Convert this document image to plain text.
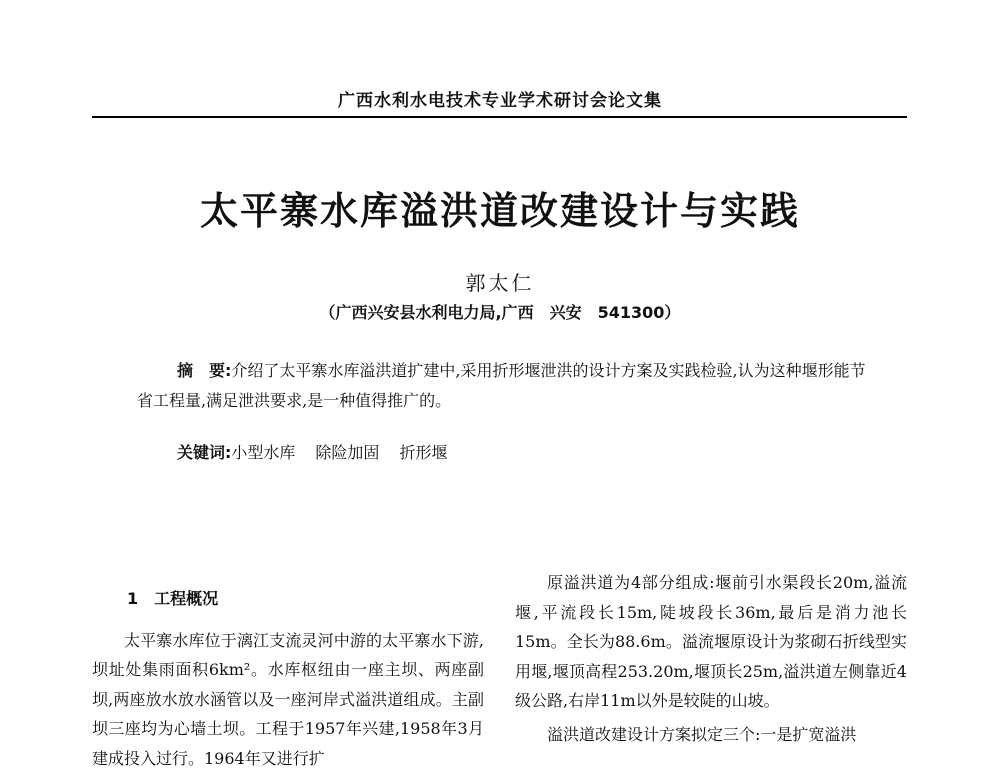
广西水利水电技术专业学术研讨会论文集
太平寨水库溢洪道改建设计与实践
郭太仁
（广西兴安县水利电力局,广西　兴安　541300）
摘　要:介绍了太平寨水库溢洪道扩建中,采用折形堰泄洪的设计方案及实践检验,认为这种堰形能节省工程量,满足泄洪要求,是一种值得推广的。
关键词:小型水库 除险加固 折形堰
1　工程概况

太平寨水库位于漓江支流灵河中游的太平寨水下游,坝址处集雨面积6km²。水库枢纽由一座主坝、两座副坝,两座放水放水涵管以及一座河岸式溢洪道组成。主副坝三座均为心墙土坝。工程于1957年兴建,1958年3月建成投入过行。1964年又进行扩

原溢洪道为4部分组成:堰前引水渠段长20m,溢流堰,平流段长15m,陡坡段长36m,最后是消力池长15m。全长为88.6m。溢流堰原设计为浆砌石折线型实用堰,堰顶高程253.20m,堰顶长25m,溢洪道左侧靠近4级公路,右岸11m以外是较陡的山坡。

溢洪道改建设计方案拟定三个:一是扩宽溢洪
